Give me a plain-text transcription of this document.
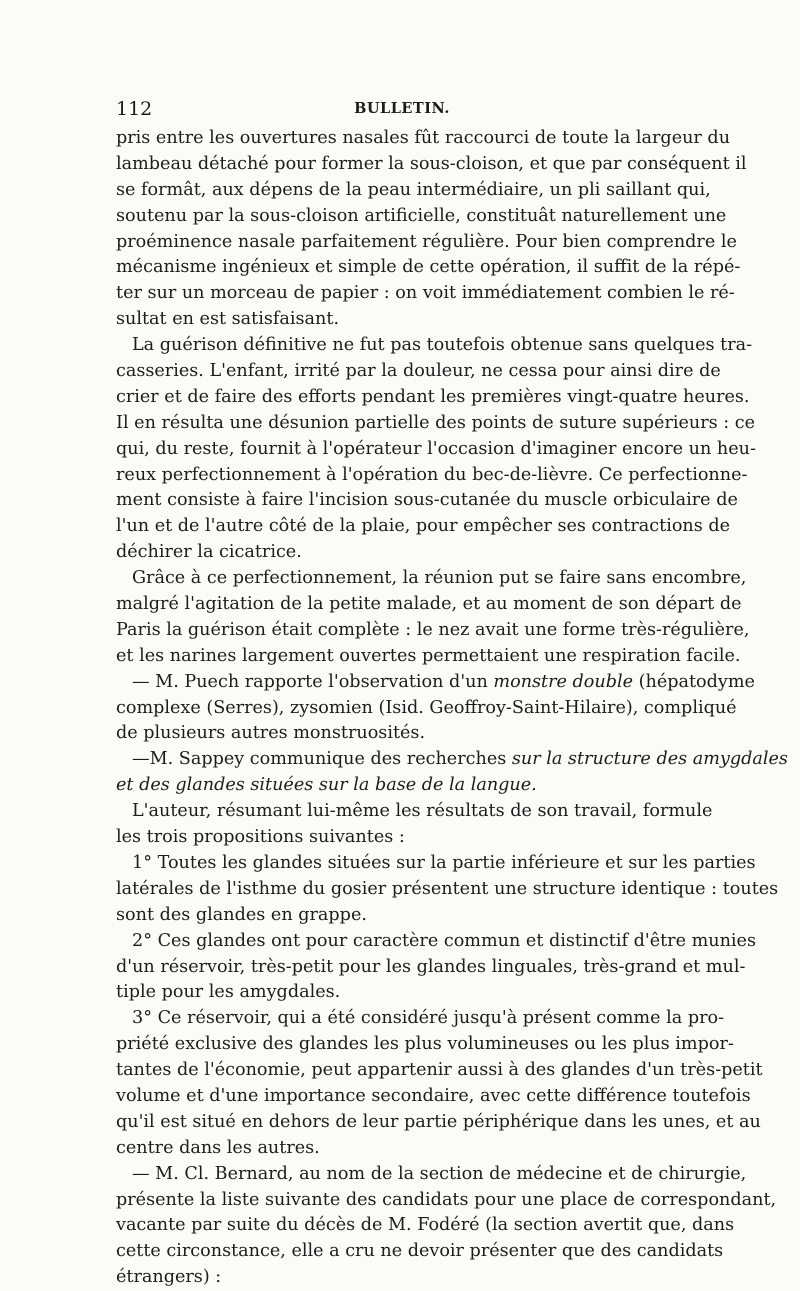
112	BULLETIN.
pris entre les ouvertures nasales fût raccourci de toute la largeur du
lambeau détaché pour former la sous-cloison, et que par conséquent il
se formât, aux dépens de la peau intermédiaire, un pli saillant qui,
soutenu par la sous-cloison artificielle, constituât naturellement une
proéminence nasale parfaitement régulière. Pour bien comprendre le
mécanisme ingénieux et simple de cette opération, il suffit de la répé-
ter sur un morceau de papier : on voit immédiatement combien le ré-
sultat en est satisfaisant.
La guérison définitive ne fut pas toutefois obtenue sans quelques tra-
casseries. L'enfant, irrité par la douleur, ne cessa pour ainsi dire de
crier et de faire des efforts pendant les premières vingt-quatre heures.
Il en résulta une désunion partielle des points de suture supérieurs : ce
qui, du reste, fournit à l'opérateur l'occasion d'imaginer encore un heu-
reux perfectionnement à l'opération du bec-de-lièvre. Ce perfectionne-
ment consiste à faire l'incision sous-cutanée du muscle orbiculaire de
l'un et de l'autre côté de la plaie, pour empêcher ses contractions de
déchirer la cicatrice.
Grâce à ce perfectionnement, la réunion put se faire sans encombre,
malgré l'agitation de la petite malade, et au moment de son départ de
Paris la guérison était complète : le nez avait une forme très-régulière,
et les narines largement ouvertes permettaient une respiration facile.
— M. Puech rapporte l'observation d'un monstre double (hépatodyme
complexe (Serres), zysomien (Isid. Geoffroy-Saint-Hilaire), compliqué
de plusieurs autres monstruosités.
—M. Sappey communique des recherches sur la structure des amygdales
et des glandes situées sur la base de la langue.
L'auteur, résumant lui-même les résultats de son travail, formule
les trois propositions suivantes :
1° Toutes les glandes situées sur la partie inférieure et sur les parties
latérales de l'isthme du gosier présentent une structure identique : toutes
sont des glandes en grappe.
2° Ces glandes ont pour caractère commun et distinctif d'être munies
d'un réservoir, très-petit pour les glandes linguales, très-grand et mul-
tiple pour les amygdales.
3° Ce réservoir, qui a été considéré jusqu'à présent comme la pro-
priété exclusive des glandes les plus volumineuses ou les plus impor-
tantes de l'économie, peut appartenir aussi à des glandes d'un très-petit
volume et d'une importance secondaire, avec cette différence toutefois
qu'il est situé en dehors de leur partie périphérique dans les unes, et au
centre dans les autres.
— M. Cl. Bernard, au nom de la section de médecine et de chirurgie,
présente la liste suivante des candidats pour une place de correspondant,
vacante par suite du décès de M. Fodéré (la section avertit que, dans
cette circonstance, elle a cru ne devoir présenter que des candidats
étrangers) :
